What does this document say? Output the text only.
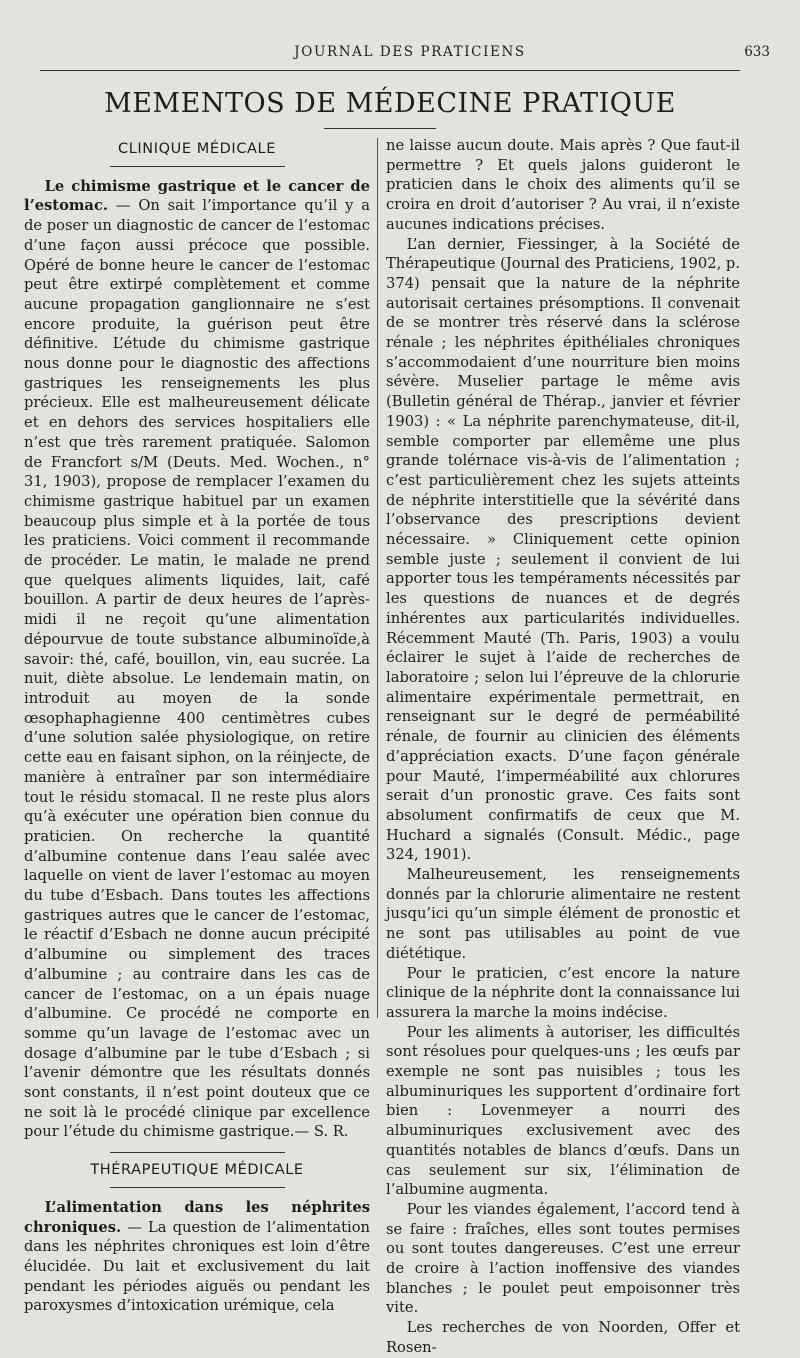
JOURNAL DES PRATICIENS	633
MEMENTOS DE MÉDECINE PRATIQUE
CLINIQUE MÉDICALE

Le chimisme gastrique et le cancer de l’estomac. — On sait l’importance qu’il y a de poser un diagnostic de cancer de l’estomac d’une façon aussi précoce que possible. Opéré de bonne heure le cancer de l’estomac peut être extirpé complètement et comme aucune propagation ganglionnaire ne s’est encore produite, la guérison peut être définitive. L’étude du chimisme gastrique nous donne pour le diagnostic des affections gastriques les renseignements les plus précieux. Elle est malheureusement délicate et en dehors des services hospitaliers elle n’est que très rarement pratiquée. Salomon de Francfort s/M (Deuts. Med. Wochen., n° 31, 1903), propose de remplacer l’examen du chimisme gastrique habituel par un examen beaucoup plus simple et à la portée de tous les praticiens. Voici comment il recommande de procéder. Le matin, le malade ne prend que quelques aliments liquides, lait, café bouillon. A partir de deux heures de l’après-midi il ne reçoit qu’une alimentation dépourvue de toute substance albuminoïde,à savoir: thé, café, bouillon, vin, eau sucrée. La nuit, diète absolue. Le lendemain matin, on introduit au moyen de la sonde œsophaphagienne 400 centimètres cubes d’une solution salée physiologique, on retire cette eau en faisant siphon, on la réinjecte, de manière à entraîner par son intermédiaire tout le résidu stomacal. Il ne reste plus alors qu’à exécuter une opération bien connue du praticien. On recherche la quantité d’albumine contenue dans l’eau salée avec laquelle on vient de laver l’estomac au moyen du tube d’Esbach. Dans toutes les affections gastriques autres que le cancer de l’estomac, le réactif d’Esbach ne donne aucun précipité d’albumine ou simplement des traces d’albumine ; au contraire dans les cas de cancer de l’estomac, on a un épais nuage d’albumine. Ce procédé ne comporte en somme qu’un lavage de l’estomac avec un dosage d’albumine par le tube d’Esbach ; si l’avenir démontre que les résultats donnés sont constants, il n’est point douteux que ce ne soit là le procédé clinique par excellence pour l’étude du chimisme gastrique.— S. R.

THÉRAPEUTIQUE MÉDICALE

L’alimentation dans les néphrites chroniques. — La question de l’alimentation dans les néphrites chroniques est loin d’être élucidée. Du lait et exclusivement du lait pendant les périodes aiguës ou pendant les paroxysmes d’intoxication urémique, cela

ne laisse aucun doute. Mais après ? Que faut-il permettre ? Et quels jalons guideront le praticien dans le choix des aliments qu’il se croira en droit d’autoriser ? Au vrai, il n’existe aucunes indications précises.

L’an dernier, Fiessinger, à la Société de Thérapeutique (Journal des Praticiens, 1902, p. 374) pensait que la nature de la néphrite autorisait certaines présomptions. Il convenait de se montrer très réservé dans la sclérose rénale ; les néphrites épithéliales chroniques s’accommodaient d’une nourriture bien moins sévère. Muselier partage le même avis (Bulletin général de Thérap., janvier et février 1903) : « La néphrite parenchymateuse, dit-il, semble comporter par ellemême une plus grande tolérnace vis-à-vis de l’alimentation ; c’est particulièrement chez les sujets atteints de néphrite interstitielle que la sévérité dans l’observance des prescriptions devient nécessaire. » Cliniquement cette opinion semble juste ; seulement il convient de lui apporter tous les tempéraments nécessités par les questions de nuances et de degrés inhérentes aux particularités individuelles. Récemment Mauté (Th. Paris, 1903) a voulu éclairer le sujet à l’aide de recherches de laboratoire ; selon lui l’épreuve de la chlorurie alimentaire expérimentale permettrait, en renseignant sur le degré de perméabilité rénale, de fournir au clinicien des éléments d’appréciation exacts. D’une façon générale pour Mauté, l’imperméabilité aux chlorures serait d’un pronostic grave. Ces faits sont absolument confirmatifs de ceux que M. Huchard a signalés (Consult. Médic., page 324, 1901).

Malheureusement, les renseignements donnés par la chlorurie alimentaire ne restent jusqu’ici qu’un simple élément de pronostic et ne sont pas utilisables au point de vue diététique.

Pour le praticien, c’est encore la nature clinique de la néphrite dont la connaissance lui assurera la marche la moins indécise.

Pour les aliments à autoriser, les difficultés sont résolues pour quelques-uns ; les œufs par exemple ne sont pas nuisibles ; tous les albuminuriques les supportent d’ordinaire fort bien : Lovenmeyer a nourri des albuminuriques exclusivement avec des quantités notables de blancs d’œufs. Dans un cas seulement sur six, l’élimination de l’albumine augmenta.

Pour les viandes également, l’accord tend à se faire : fraîches, elles sont toutes permises ou sont toutes dangereuses. C’est une erreur de croire à l’action inoffensive des viandes blanches ; le poulet peut empoisonner très vite.

Les recherches de von Noorden, Offer et Rosen-
